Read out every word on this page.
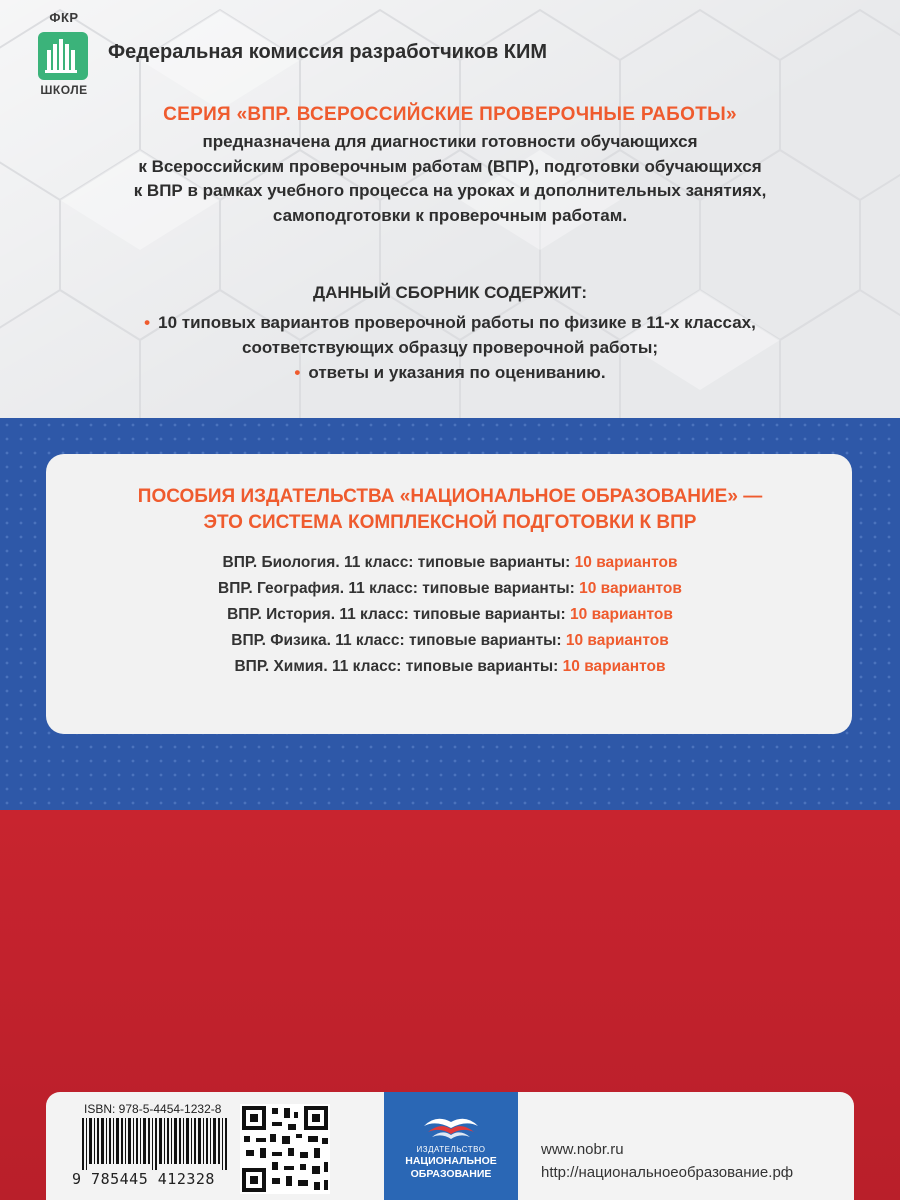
ФКР
ШКОЛЕ
Федеральная комиссия разработчиков КИМ
СЕРИЯ «ВПР. ВСЕРОССИЙСКИЕ ПРОВЕРОЧНЫЕ РАБОТЫ»
предназначена для диагностики готовности обучающихся
к Всероссийским проверочным работам (ВПР), подготовки обучающихся
к ВПР в рамках учебного процесса на уроках и дополнительных занятиях,
самоподготовки к проверочным работам.
ДАННЫЙ СБОРНИК СОДЕРЖИТ:
• 10 типовых вариантов проверочной работы по физике в 11-х классах,
соответствующих образцу проверочной работы;
• ответы и указания по оцениванию.
ПОСОБИЯ ИЗДАТЕЛЬСТВА «НАЦИОНАЛЬНОЕ ОБРАЗОВАНИЕ» —
ЭТО СИСТЕМА КОМПЛЕКСНОЙ ПОДГОТОВКИ К ВПР
ВПР. Биология. 11 класс: типовые варианты: 10 вариантов
ВПР. География. 11 класс: типовые варианты: 10 вариантов
ВПР. История. 11 класс: типовые варианты: 10 вариантов
ВПР. Физика. 11 класс: типовые варианты: 10 вариантов
ВПР. Химия. 11 класс: типовые варианты: 10 вариантов
ISBN: 978-5-4454-1232-8
9 785445 412328
ИЗДАТЕЛЬСТВО
НАЦИОНАЛЬНОЕ
ОБРАЗОВАНИЕ
www.nobr.ru
http://национальноеобразование.рф
